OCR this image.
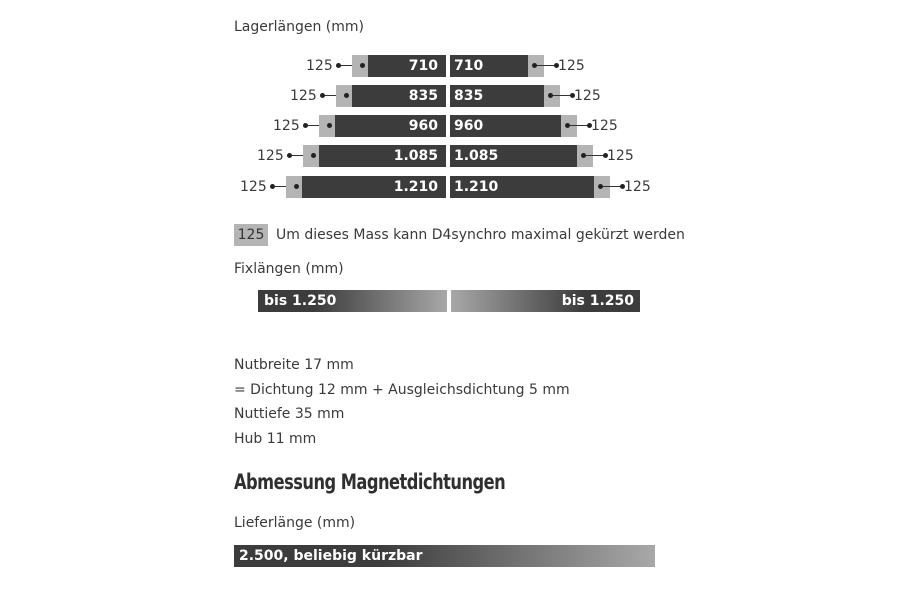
Lagerlängen (mm)
125	710	710	125
125	835	835	125
125	960	960	125
125	1.085	1.085	125
125	1.210	1.210	125
125 Um dieses Mass kann D4synchro maximal gekürzt werden
Fixlängen (mm)
bis 1.250	bis 1.250
Nutbreite 17 mm
= Dichtung 12 mm + Ausgleichsdichtung 5 mm
Nuttiefe 35 mm
Hub 11 mm
Abmessung Magnetdichtungen
Lieferlänge (mm)
2.500, beliebig kürzbar
